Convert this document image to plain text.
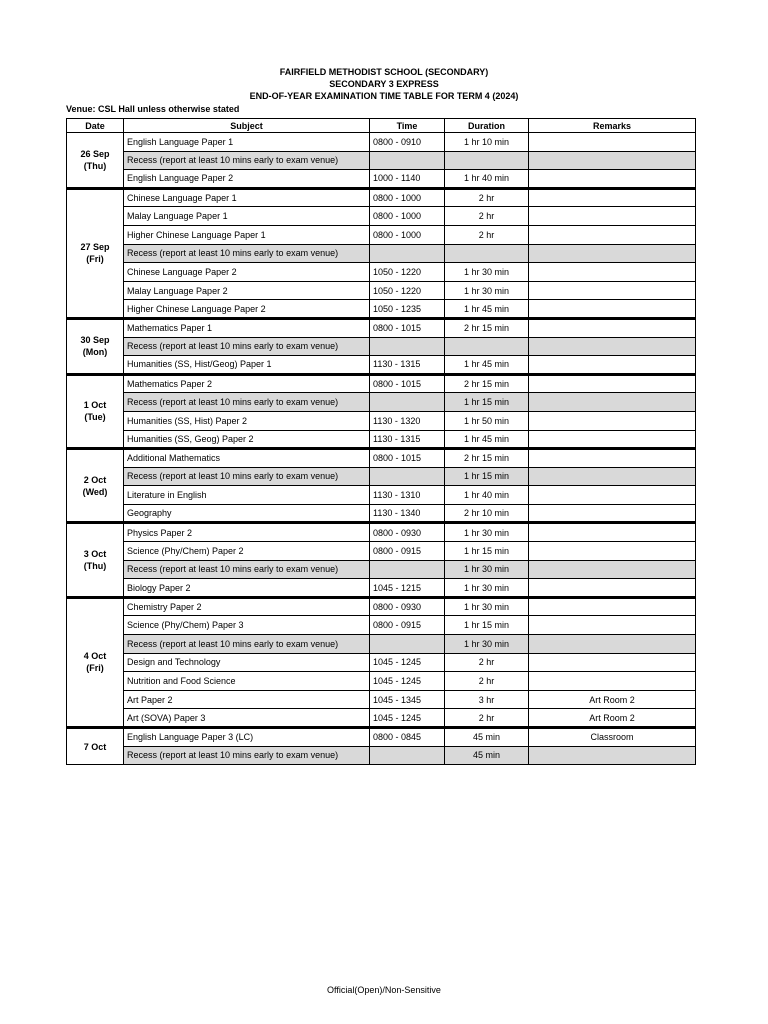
FAIRFIELD METHODIST SCHOOL (SECONDARY)
SECONDARY 3 EXPRESS
END-OF-YEAR EXAMINATION TIME TABLE FOR TERM 4 (2024)
Venue: CSL Hall unless otherwise stated
Date	Subject	Time	Duration	Remarks

26 Sep
(Thu)	English Language Paper 1	0800 - 0910	1 hr 10 min	
	Recess (report at least 10 mins early to exam venue)			
	English Language Paper 2	1000 - 1140	1 hr 40 min	

27 Sep
(Fri)	Chinese Language Paper 1	0800 - 1000	2 hr	
	Malay Language Paper 1	0800 - 1000	2 hr	
	Higher Chinese Language Paper 1	0800 - 1000	2 hr	
	Recess (report at least 10 mins early to exam venue)			
	Chinese Language Paper 2	1050 - 1220	1 hr 30 min	
	Malay Language Paper 2	1050 - 1220	1 hr 30 min	
	Higher Chinese Language Paper 2	1050 - 1235	1 hr 45 min	

30 Sep
(Mon)	Mathematics Paper 1	0800 - 1015	2 hr 15 min	
	Recess (report at least 10 mins early to exam venue)			
	Humanities (SS, Hist/Geog) Paper 1	1130 - 1315	1 hr 45 min	

1 Oct
(Tue)	Mathematics Paper 2	0800 - 1015	2 hr 15 min	
	Recess (report at least 10 mins early to exam venue)		1 hr 15 min	
	Humanities (SS, Hist) Paper 2	1130 - 1320	1 hr 50 min	
	Humanities (SS, Geog) Paper 2	1130 - 1315	1 hr 45 min	

2 Oct
(Wed)	Additional Mathematics	0800 - 1015	2 hr 15 min	
	Recess (report at least 10 mins early to exam venue)		1 hr 15 min	
	Literature in English	1130 - 1310	1 hr 40 min	
	Geography	1130 - 1340	2 hr 10 min	

3 Oct
(Thu)	Physics Paper 2	0800 - 0930	1 hr 30 min	
	Science (Phy/Chem) Paper 2	0800 - 0915	1 hr 15 min	
	Recess (report at least 10 mins early to exam venue)		1 hr 30 min	
	Biology Paper 2	1045 - 1215	1 hr 30 min	

4 Oct
(Fri)	Chemistry Paper 2	0800 - 0930	1 hr 30 min	
	Science (Phy/Chem) Paper 3	0800 - 0915	1 hr 15 min	
	Recess (report at least 10 mins early to exam venue)		1 hr 30 min	
	Design and Technology	1045 - 1245	2 hr	
	Nutrition and Food Science	1045 - 1245	2 hr	
	Art Paper 2	1045 - 1345	3 hr	Art Room 2
	Art (SOVA) Paper 3	1045 - 1245	2 hr	Art Room 2

7 Oct	English Language Paper 3 (LC)	0800 - 0845	45 min	Classroom
	Recess (report at least 10 mins early to exam venue)		45 min	
Official(Open)/Non-Sensitive
